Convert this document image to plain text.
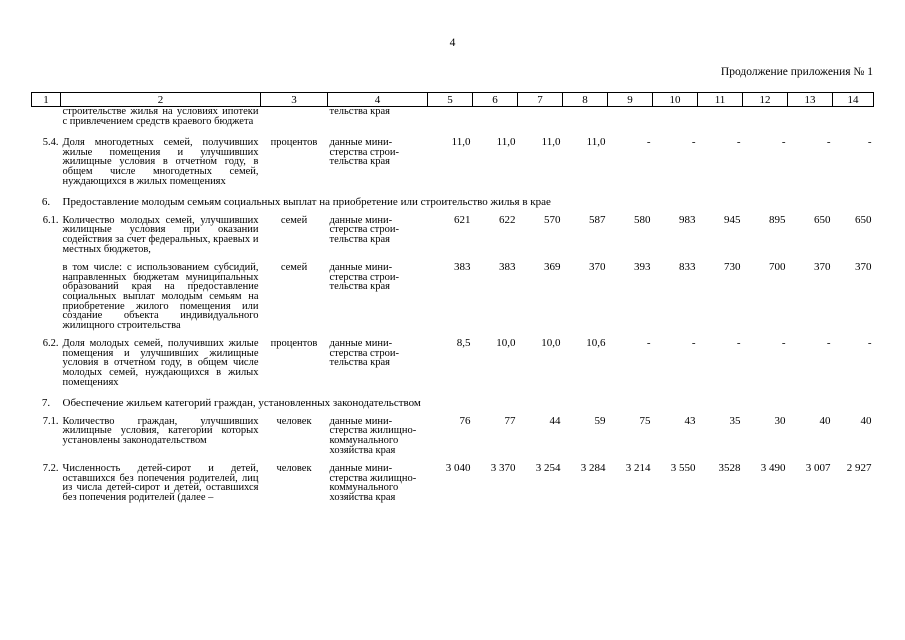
4
Продолжение приложения № 1
1	2	3	4	5	6	7	8	9	10	11	12	13	14
	строительстве жилья на условиях ипотеки с привлечением средств краевого бюджета		тельства края										
5.4.	Доля многодетных семей, получивших жилые помещения и улучшивших жилищные условия в отчетном году, в общем числе многодетных семей, нуждающихся в жилых помещениях	процентов	данные министерства строительства края	11,0	11,0	11,0	11,0	-	-	-	-	-	-
6.	Предоставление молодым семьям социальных выплат на приобретение или строительство жилья в крае												
6.1.	Количество молодых семей, улучшивших жилищные условия при оказании содействия за счет федеральных, краевых и местных бюджетов,	семей	данные министерства строительства края	621	622	570	587	580	983	945	895	650	650
	в том числе: с использованием субсидий, направленных бюджетам муниципальных образований края на предоставление социальных выплат молодым семьям на приобретение жилого помещения или создание объекта индивидуального жилищного строительства	семей	данные министерства строительства края	383	383	369	370	393	833	730	700	370	370
6.2.	Доля молодых семей, получивших жилые помещения и улучшивших жилищные условия в отчетном году, в общем числе молодых семей, нуждающихся в жилых помещениях	процентов	данные министерства строительства края	8,5	10,0	10,0	10,6	-	-	-	-	-	-
7.	Обеспечение жильем категорий граждан, установленных законодательством												
7.1.	Количество граждан, улучшивших жилищные условия, категории которых установлены законодательством	человек	данные министерства жилищно-коммунального хозяйства края	76	77	44	59	75	43	35	30	40	40
7.2.	Численность детей-сирот и детей, оставшихся без попечения родителей, лиц из числа детей-сирот и детей, оставшихся без попечения родителей (далее –	человек	данные министерства жилищно-коммунального хозяйства края	3 040	3 370	3 254	3 284	3 214	3 550	3528	3 490	3 007	2 927
